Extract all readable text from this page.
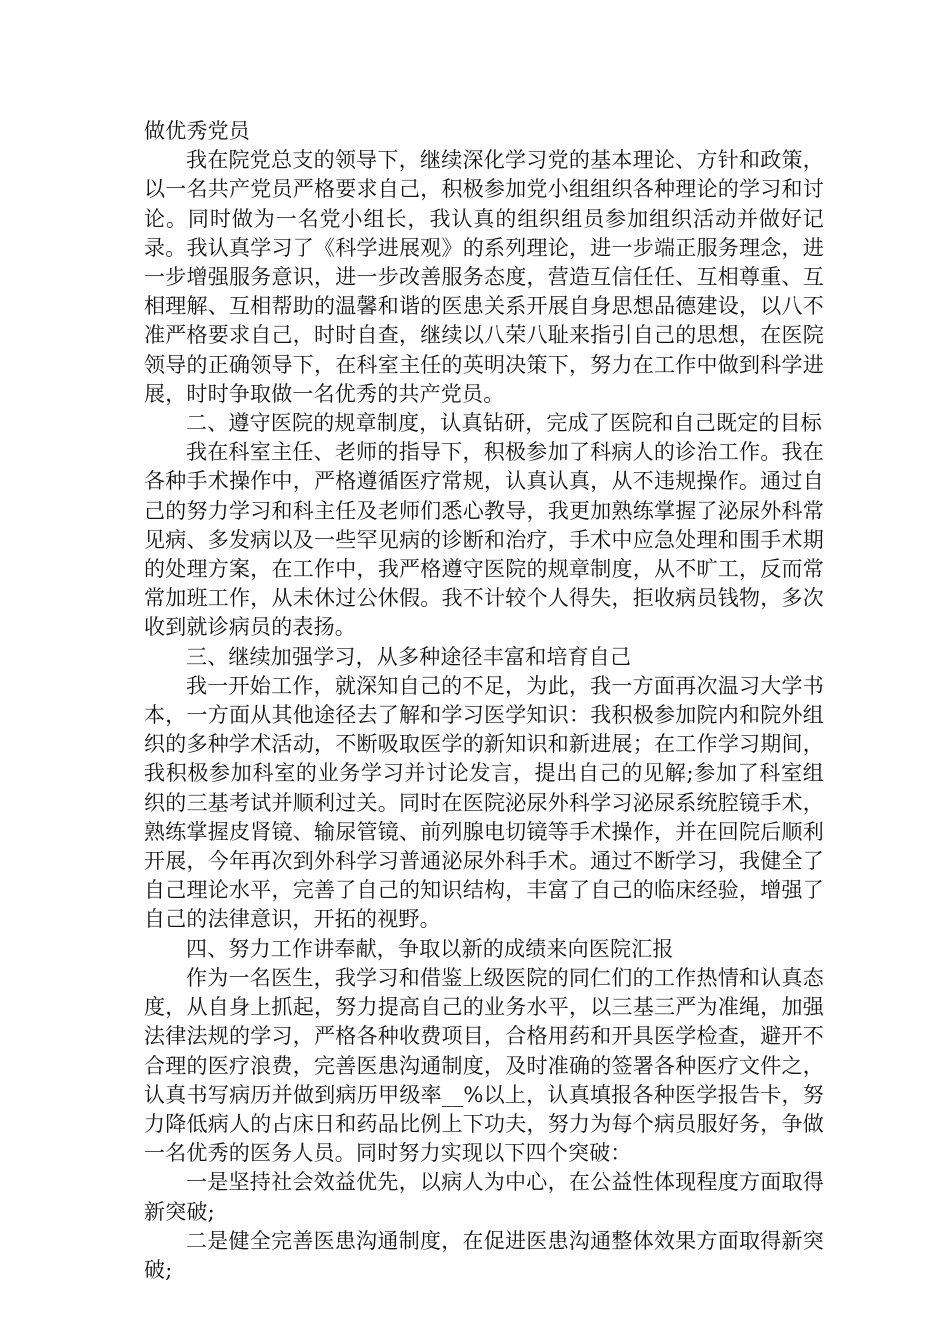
做优秀党员

我在院党总支的领导下，继续深化学习党的基本理论、方针和政策，以一名共产党员严格要求自己，积极参加党小组组织各种理论的学习和讨论。同时做为一名党小组长，我认真的组织组员参加组织活动并做好记录。我认真学习了《科学进展观》的系列理论，进一步端正服务理念，进一步增强服务意识，进一步改善服务态度，营造互信任任、互相尊重、互相理解、互相帮助的温馨和谐的医患关系开展自身思想品德建设，以八不准严格要求自己，时时自查，继续以八荣八耻来指引自己的思想，在医院领导的正确领导下，在科室主任的英明决策下，努力在工作中做到科学进展，时时争取做一名优秀的共产党员。

二、遵守医院的规章制度，认真钻研，完成了医院和自己既定的目标

我在科室主任、老师的指导下，积极参加了科病人的诊治工作。我在各种手术操作中，严格遵循医疗常规，认真认真，从不违规操作。通过自己的努力学习和科主任及老师们悉心教导，我更加熟练掌握了泌尿外科常见病、多发病以及一些罕见病的诊断和治疗，手术中应急处理和围手术期的处理方案，在工作中，我严格遵守医院的规章制度，从不旷工，反而常常加班工作，从未休过公休假。我不计较个人得失，拒收病员钱物，多次收到就诊病员的表扬。

三、继续加强学习，从多种途径丰富和培育自己

我一开始工作，就深知自己的不足，为此，我一方面再次温习大学书本，一方面从其他途径去了解和学习医学知识：我积极参加院内和院外组织的多种学术活动，不断吸取医学的新知识和新进展；在工作学习期间，我积极参加科室的业务学习并讨论发言，提出自己的见解;参加了科室组织的三基考试并顺利过关。同时在医院泌尿外科学习泌尿系统腔镜手术，熟练掌握皮肾镜、输尿管镜、前列腺电切镜等手术操作，并在回院后顺利开展，今年再次到外科学习普通泌尿外科手术。通过不断学习，我健全了自己理论水平，完善了自己的知识结构，丰富了自己的临床经验，增强了自己的法律意识，开拓的视野。

四、努力工作讲奉献，争取以新的成绩来向医院汇报

作为一名医生，我学习和借鉴上级医院的同仁们的工作热情和认真态度，从自身上抓起，努力提高自己的业务水平，以三基三严为准绳，加强法律法规的学习，严格各种收费项目，合格用药和开具医学检查，避开不合理的医疗浪费，完善医患沟通制度，及时准确的签署各种医疗文件之，认真书写病历并做到病历甲级率__%以上，认真填报各种医学报告卡，努力降低病人的占床日和药品比例上下功夫，努力为每个病员服好务，争做一名优秀的医务人员。同时努力实现以下四个突破：

一是坚持社会效益优先，以病人为中心，在公益性体现程度方面取得新突破;

二是健全完善医患沟通制度，在促进医患沟通整体效果方面取得新突破;
